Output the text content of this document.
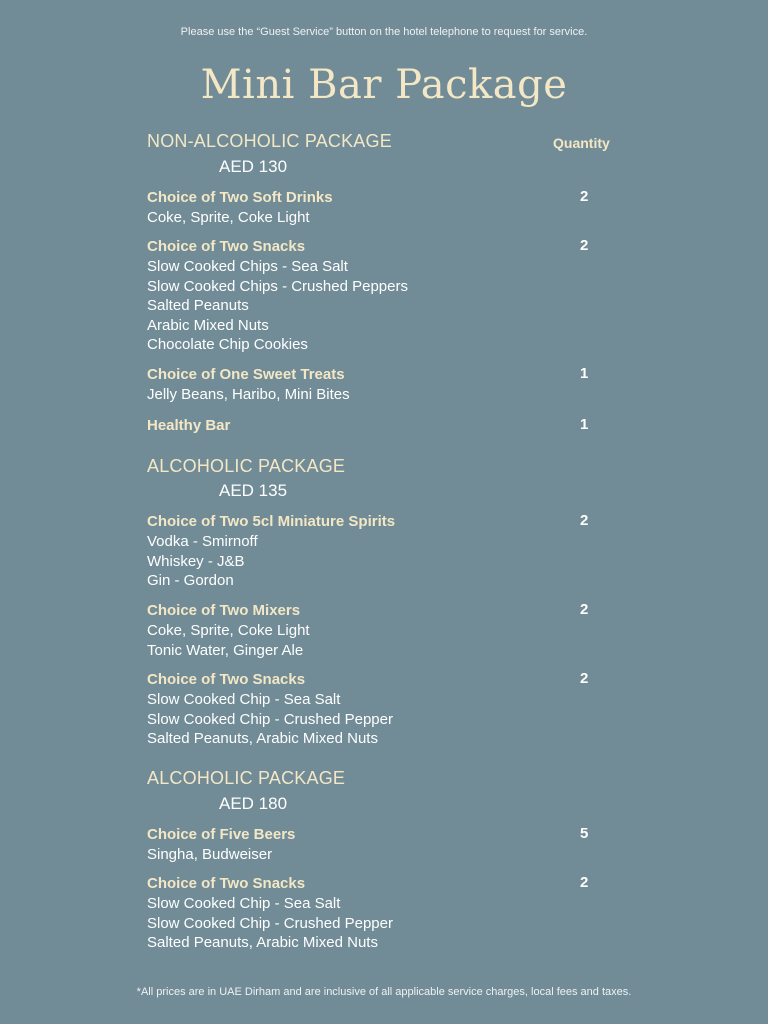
Please use the “Guest Service” button on the hotel telephone to request for service.
Mini Bar Package
Quantity
NON-ALCOHOLIC PACKAGE
AED 130
Choice of Two Soft Drinks
Coke, Sprite, Coke Light
2
Choice of Two Snacks
Slow Cooked Chips - Sea Salt
Slow Cooked Chips - Crushed Peppers
Salted Peanuts
Arabic Mixed Nuts
Chocolate Chip Cookies
2
Choice of One Sweet Treats
Jelly Beans, Haribo, Mini Bites
1
Healthy Bar	1
ALCOHOLIC PACKAGE
AED 135
Choice of Two 5cl Miniature Spirits
Vodka - Smirnoff
Whiskey - J&B
Gin - Gordon
2
Choice of Two Mixers
Coke, Sprite, Coke Light
Tonic Water, Ginger Ale
2
Choice of Two Snacks
Slow Cooked Chip - Sea Salt
Slow Cooked Chip - Crushed Pepper
Salted Peanuts, Arabic Mixed Nuts
2
ALCOHOLIC PACKAGE
AED 180
Choice of Five Beers
Singha, Budweiser
5
Choice of Two Snacks
Slow Cooked Chip - Sea Salt
Slow Cooked Chip - Crushed Pepper
Salted Peanuts, Arabic Mixed Nuts
2
*All prices are in UAE Dirham and are inclusive of all applicable service charges, local fees and taxes.
